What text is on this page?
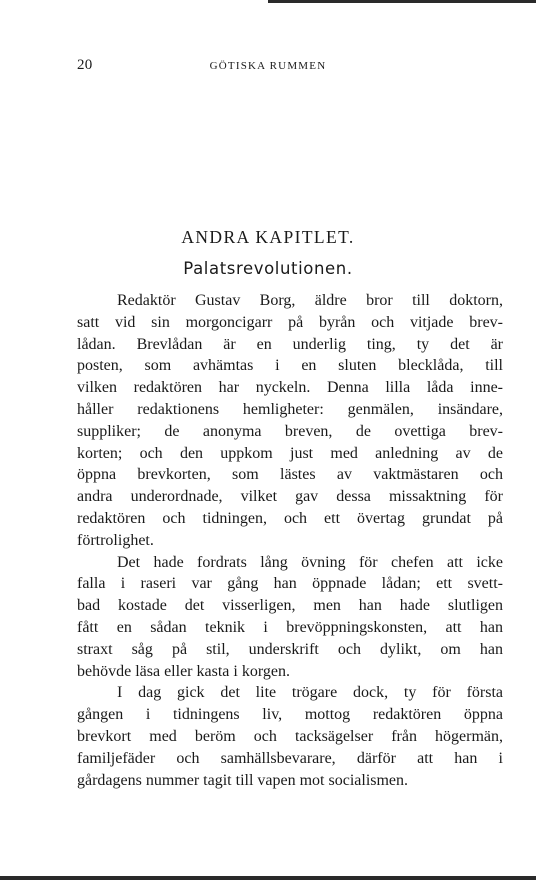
20	GÖTISKA RUMMEN
ANDRA KAPITLET.
Palatsrevolutionen.
Redaktör Gustav Borg, äldre bror till doktorn,
satt vid sin morgoncigarr på byrån och vitjade brev-
lådan. Brevlådan är en underlig ting, ty det är
posten, som avhämtas i en sluten blecklåda, till
vilken redaktören har nyckeln. Denna lilla låda inne-
håller redaktionens hemligheter: genmälen, insändare,
suppliker; de anonyma breven, de ovettiga brev-
korten; och den uppkom just med anledning av de
öppna brevkorten, som lästes av vaktmästaren och
andra underordnade, vilket gav dessa missaktning för
redaktören och tidningen, och ett övertag grundat på
förtrolighet.
Det hade fordrats lång övning för chefen att icke
falla i raseri var gång han öppnade lådan; ett svett-
bad kostade det visserligen, men han hade slutligen
fått en sådan teknik i brevöppningskonsten, att han
straxt såg på stil, underskrift och dylikt, om han
behövde läsa eller kasta i korgen.
I dag gick det lite trögare dock, ty för första
gången i tidningens liv, mottog redaktören öppna
brevkort med beröm och tacksägelser från högermän,
familjefäder och samhällsbevarare, därför att han i
gårdagens nummer tagit till vapen mot socialismen.
